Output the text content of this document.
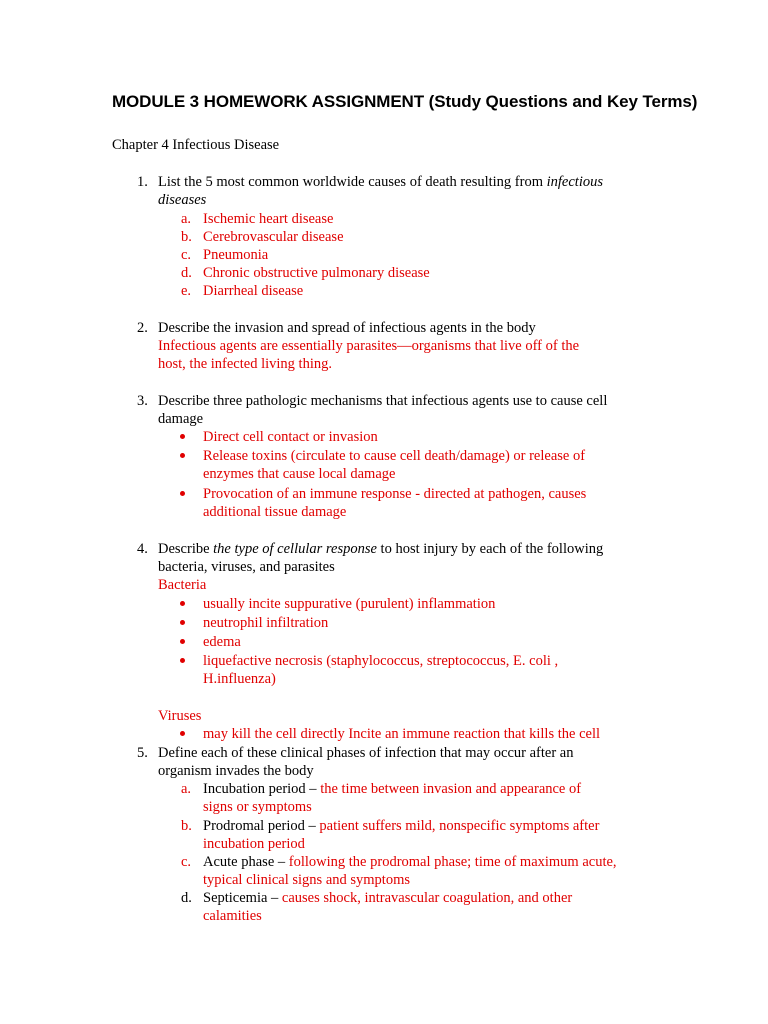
MODULE 3 HOMEWORK ASSIGNMENT (Study Questions and Key Terms)
Chapter 4 Infectious Disease
1. List the 5 most common worldwide causes of death resulting from infectious
diseases
a. Ischemic heart disease
b. Cerebrovascular disease
c. Pneumonia
d. Chronic obstructive pulmonary disease
e. Diarrheal disease
2. Describe the invasion and spread of infectious agents in the body
Infectious agents are essentially parasites—organisms that live off of the
host, the infected living thing.
3. Describe three pathologic mechanisms that infectious agents use to cause cell
damage
Direct cell contact or invasion
Release toxins (circulate to cause cell death/damage) or release of
enzymes that cause local damage
Provocation of an immune response - directed at pathogen, causes
additional tissue damage
4. Describe the type of cellular response to host injury by each of the following
bacteria, viruses, and parasites
Bacteria
usually incite suppurative (purulent) inflammation
neutrophil infiltration
edema
liquefactive necrosis (staphylococcus, streptococcus, E. coli ,
H.influenza)
Viruses
may kill the cell directly Incite an immune reaction that kills the cell
5. Define each of these clinical phases of infection that may occur after an
organism invades the body
a. Incubation period – the time between invasion and appearance of
signs or symptoms
b. Prodromal period – patient suffers mild, nonspecific symptoms after
incubation period
c. Acute phase – following the prodromal phase; time of maximum acute,
typical clinical signs and symptoms
d. Septicemia – causes shock, intravascular coagulation, and other
calamities
